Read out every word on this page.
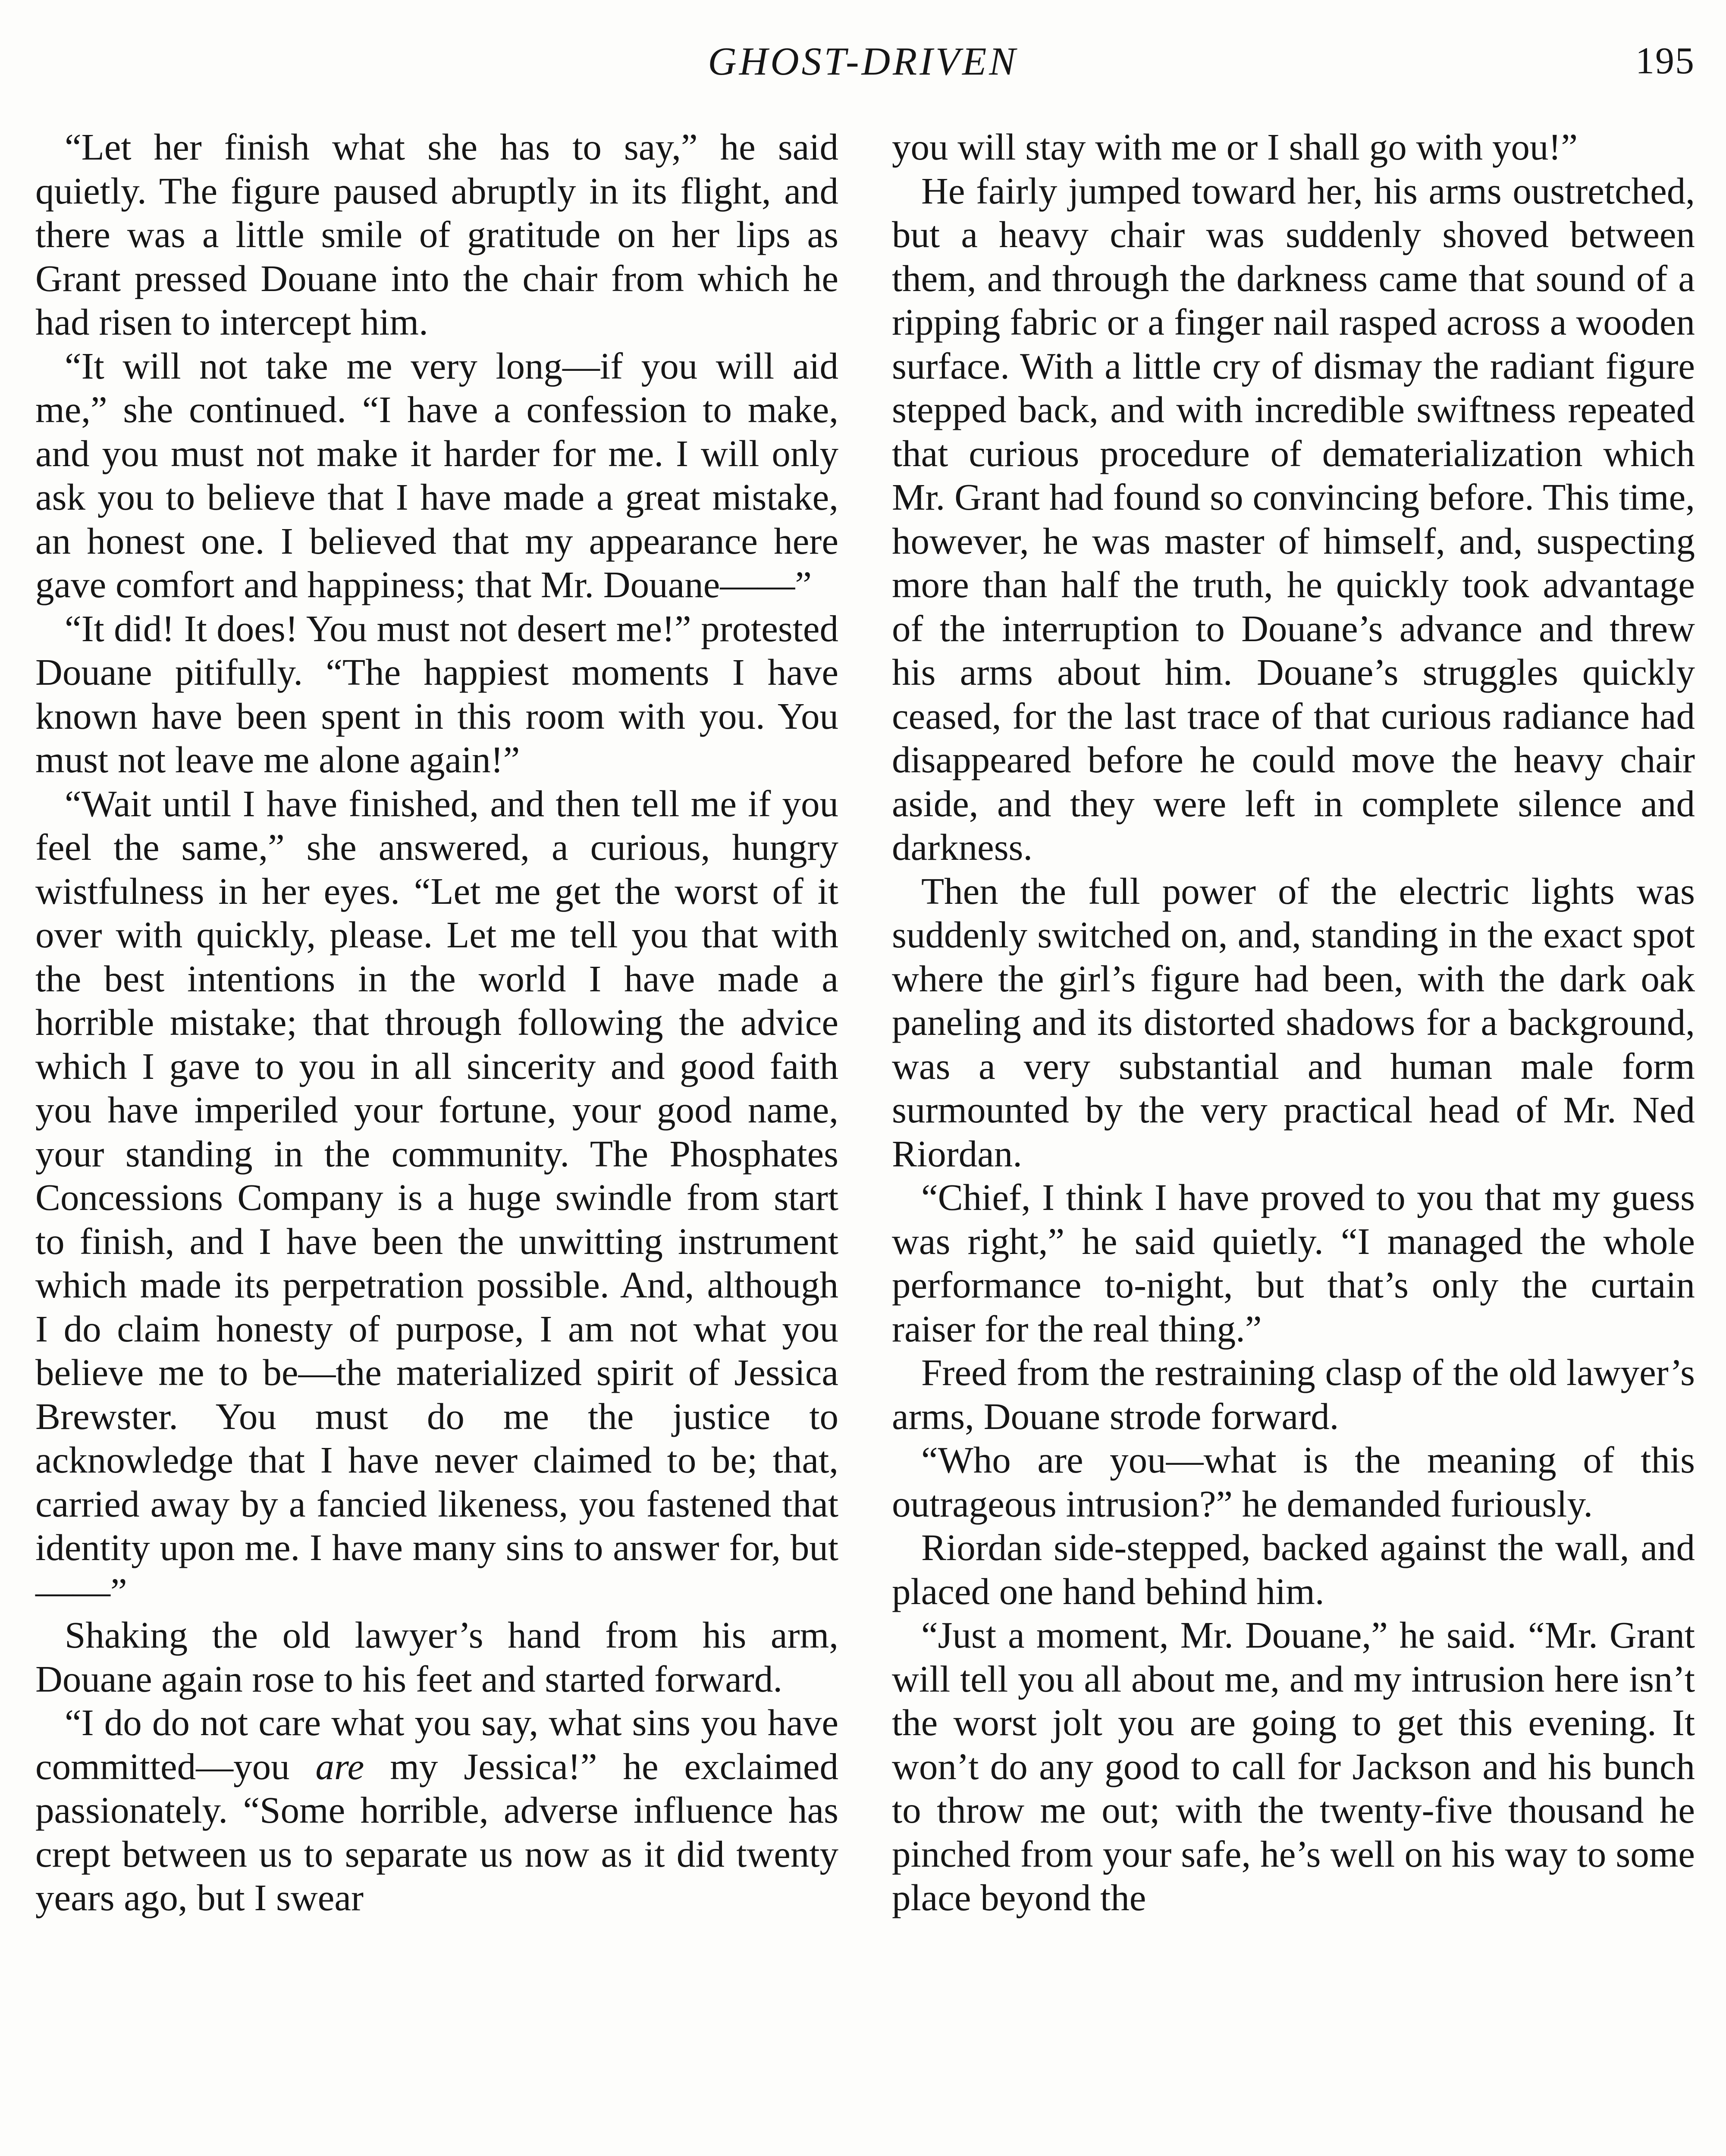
GHOST-DRIVEN	195

“Let her finish what she has to say,” he said quietly. The figure paused abruptly in its flight, and there was a little smile of gratitude on her lips as Grant pressed Douane into the chair from which he had risen to intercept him.

“It will not take me very long—if you will aid me,” she continued. “I have a confession to make, and you must not make it harder for me. I will only ask you to believe that I have made a great mistake, an honest one. I believed that my appearance here gave comfort and happiness; that Mr. Douane——”

“It did! It does! You must not desert me!” protested Douane pitifully. “The happiest moments I have known have been spent in this room with you. You must not leave me alone again!”

“Wait until I have finished, and then tell me if you feel the same,” she answered, a curious, hungry wistfulness in her eyes. “Let me get the worst of it over with quickly, please. Let me tell you that with the best intentions in the world I have made a horrible mistake; that through following the advice which I gave to you in all sincerity and good faith you have imperiled your fortune, your good name, your standing in the community. The Phosphates Concessions Company is a huge swindle from start to finish, and I have been the unwitting instrument which made its perpetration possible. And, although I do claim honesty of purpose, I am not what you believe me to be—the materialized spirit of Jessica Brewster. You must do me the justice to acknowledge that I have never claimed to be; that, carried away by a fancied likeness, you fastened that identity upon me. I have many sins to answer for, but——”

Shaking the old lawyer’s hand from his arm, Douane again rose to his feet and started forward.

“I do do not care what you say, what sins you have committed—you are my Jessica!” he exclaimed passionately. “Some horrible, adverse influence has crept between us to separate us now as it did twenty years ago, but I swear

you will stay with me or I shall go with you!”

He fairly jumped toward her, his arms oustretched, but a heavy chair was suddenly shoved between them, and through the darkness came that sound of a ripping fabric or a finger nail rasped across a wooden surface. With a little cry of dismay the radiant figure stepped back, and with incredible swiftness repeated that curious procedure of dematerialization which Mr. Grant had found so convincing before. This time, however, he was master of himself, and, suspecting more than half the truth, he quickly took advantage of the interruption to Douane’s advance and threw his arms about him. Douane’s struggles quickly ceased, for the last trace of that curious radiance had disappeared before he could move the heavy chair aside, and they were left in complete silence and darkness.

Then the full power of the electric lights was suddenly switched on, and, standing in the exact spot where the girl’s figure had been, with the dark oak paneling and its distorted shadows for a background, was a very substantial and human male form surmounted by the very practical head of Mr. Ned Riordan.

“Chief, I think I have proved to you that my guess was right,” he said quietly. “I managed the whole performance to-night, but that’s only the curtain raiser for the real thing.”

Freed from the restraining clasp of the old lawyer’s arms, Douane strode forward.

“Who are you—what is the meaning of this outrageous intrusion?” he demanded furiously.

Riordan side-stepped, backed against the wall, and placed one hand behind him.

“Just a moment, Mr. Douane,” he said. “Mr. Grant will tell you all about me, and my intrusion here isn’t the worst jolt you are going to get this evening. It won’t do any good to call for Jackson and his bunch to throw me out; with the twenty-five thousand he pinched from your safe, he’s well on his way to some place beyond the
